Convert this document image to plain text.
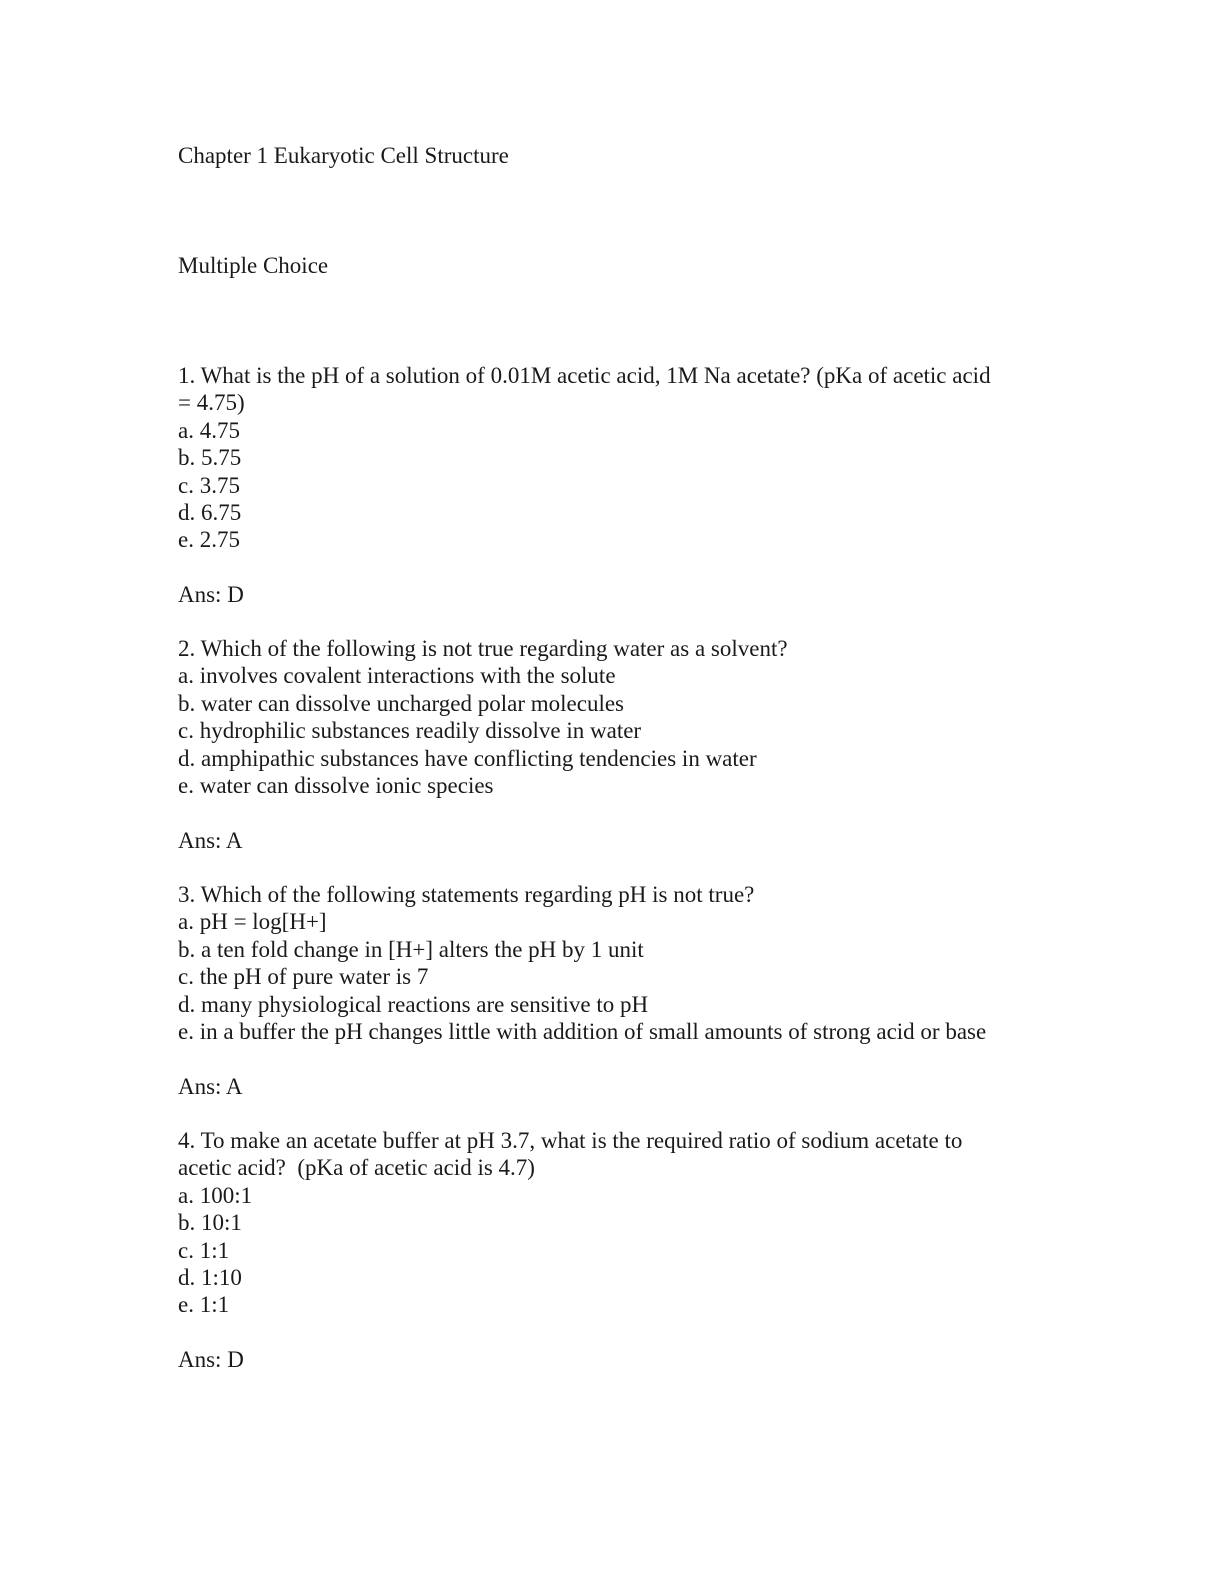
Chapter 1 Eukaryotic Cell Structure
Multiple Choice
1. What is the pH of a solution of 0.01M acetic acid, 1M Na acetate? (pKa of acetic acid
= 4.75)
a. 4.75
b. 5.75
c. 3.75
d. 6.75
e. 2.75
Ans: D
2. Which of the following is not true regarding water as a solvent?
a. involves covalent interactions with the solute
b. water can dissolve uncharged polar molecules
c. hydrophilic substances readily dissolve in water
d. amphipathic substances have conflicting tendencies in water
e. water can dissolve ionic species
Ans: A
3. Which of the following statements regarding pH is not true?
a. pH = log[H+]
b. a ten fold change in [H+] alters the pH by 1 unit
c. the pH of pure water is 7
d. many physiological reactions are sensitive to pH
e. in a buffer the pH changes little with addition of small amounts of strong acid or base
Ans: A
4. To make an acetate buffer at pH 3.7, what is the required ratio of sodium acetate to
acetic acid?  (pKa of acetic acid is 4.7)
a. 100:1
b. 10:1
c. 1:1
d. 1:10
e. 1:1
Ans: D
